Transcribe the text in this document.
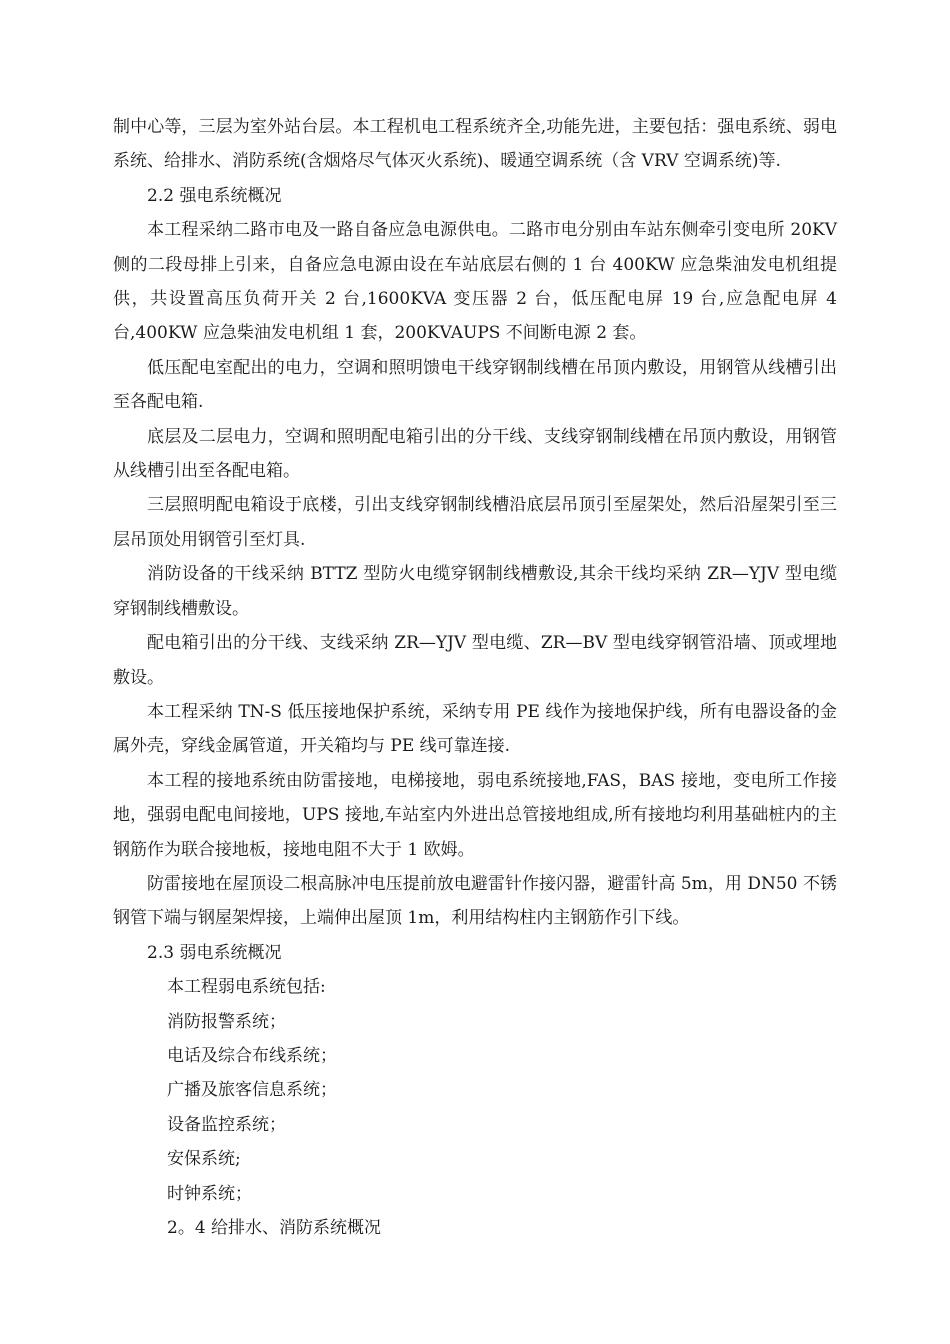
制中心等，三层为室外站台层。本工程机电工程系统齐全,功能先进，主要包括：强电系统、弱电系统、给排水、消防系统(含烟烙尽气体灭火系统)、暖通空调系统（含 VRV 空调系统)等.

2.2 强电系统概况

本工程采纳二路市电及一路自备应急电源供电。二路市电分别由车站东侧牵引变电所 20KV 侧的二段母排上引来，自备应急电源由设在车站底层右侧的 1 台 400KW 应急柴油发电机组提供，共设置高压负荷开关 2 台,1600KVA 变压器 2 台，低压配电屏 19 台,应急配电屏 4 台,400KW 应急柴油发电机组 1 套，200KVAUPS 不间断电源 2 套。

低压配电室配出的电力，空调和照明馈电干线穿钢制线槽在吊顶内敷设，用钢管从线槽引出至各配电箱.

底层及二层电力，空调和照明配电箱引出的分干线、支线穿钢制线槽在吊顶内敷设，用钢管从线槽引出至各配电箱。

三层照明配电箱设于底楼，引出支线穿钢制线槽沿底层吊顶引至屋架处，然后沿屋架引至三层吊顶处用钢管引至灯具.

消防设备的干线采纳 BTTZ 型防火电缆穿钢制线槽敷设,其余干线均采纳 ZR—YJV 型电缆穿钢制线槽敷设。

配电箱引出的分干线、支线采纳 ZR—YJV 型电缆、ZR—BV 型电线穿钢管沿墙、顶或埋地敷设。

本工程采纳 TN-S 低压接地保护系统，采纳专用 PE 线作为接地保护线，所有电器设备的金属外壳，穿线金属管道，开关箱均与 PE 线可靠连接.

本工程的接地系统由防雷接地，电梯接地，弱电系统接地,FAS，BAS 接地，变电所工作接地，强弱电配电间接地，UPS 接地,车站室内外进出总管接地组成,所有接地均利用基础桩内的主钢筋作为联合接地板，接地电阻不大于 1 欧姆。

防雷接地在屋顶设二根高脉冲电压提前放电避雷针作接闪器，避雷针高 5m，用 DN50 不锈钢管下端与钢屋架焊接，上端伸出屋顶 1m，利用结构柱内主钢筋作引下线。

2.3 弱电系统概况

本工程弱电系统包括:

消防报警系统；

电话及综合布线系统；

广播及旅客信息系统；

设备监控系统；

安保系统;

时钟系统；

2。4 给排水、消防系统概况
